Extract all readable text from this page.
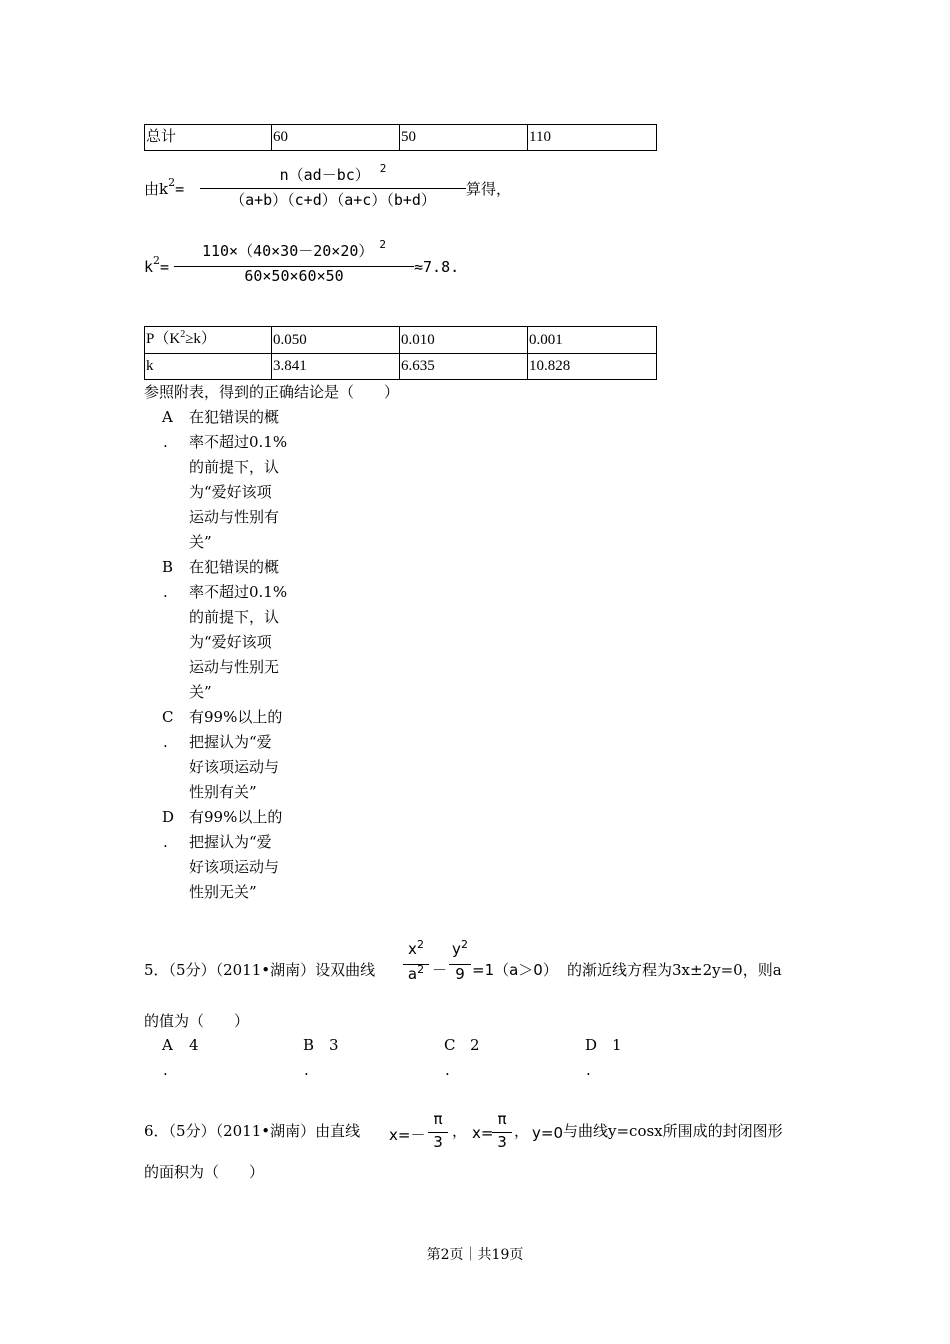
总计	60	50	110
由$k^2=$
n（ad－bc） $^2$
（a+b）（c+d）（a+c）（b+d）
算得，
$k^2=$
110×（40×30－20×20） $^2$
60×50×60×50	≈7.8.
$P(K^2\ge k)$	0.050	0.010	0.001
k	3.841	6.635	10.828
参照附表，得到的正确结论是（　　）
A
.
在犯错误的概
率不超过0.1%
的前提下，认
为“爱好该项
运动与性别有
关”
B
.
在犯错误的概
率不超过0.1%
的前提下，认
为“爱好该项
运动与性别无
关”
C
.
有99%以上的
把握认为“爱
好该项运动与
性别有关”
D
.
有99%以上的
把握认为“爱
好该项运动与
性别无关”
5．（5分）（2011•湖南）设双曲线
$x^2$
$a^2$ －
$y^2$
9 =1（a＞0） 的渐近线方程为3x±2y=0，则a
的值为（　　）
A 4
.
B 3
.
C 2
.
D 1
.
6．（5分）（2011•湖南）由直线 x=－
π
3
， x=
π
3
， y=0 与曲线y=cosx所围成的封闭图形
的面积为（　　）
第2页｜共19页
